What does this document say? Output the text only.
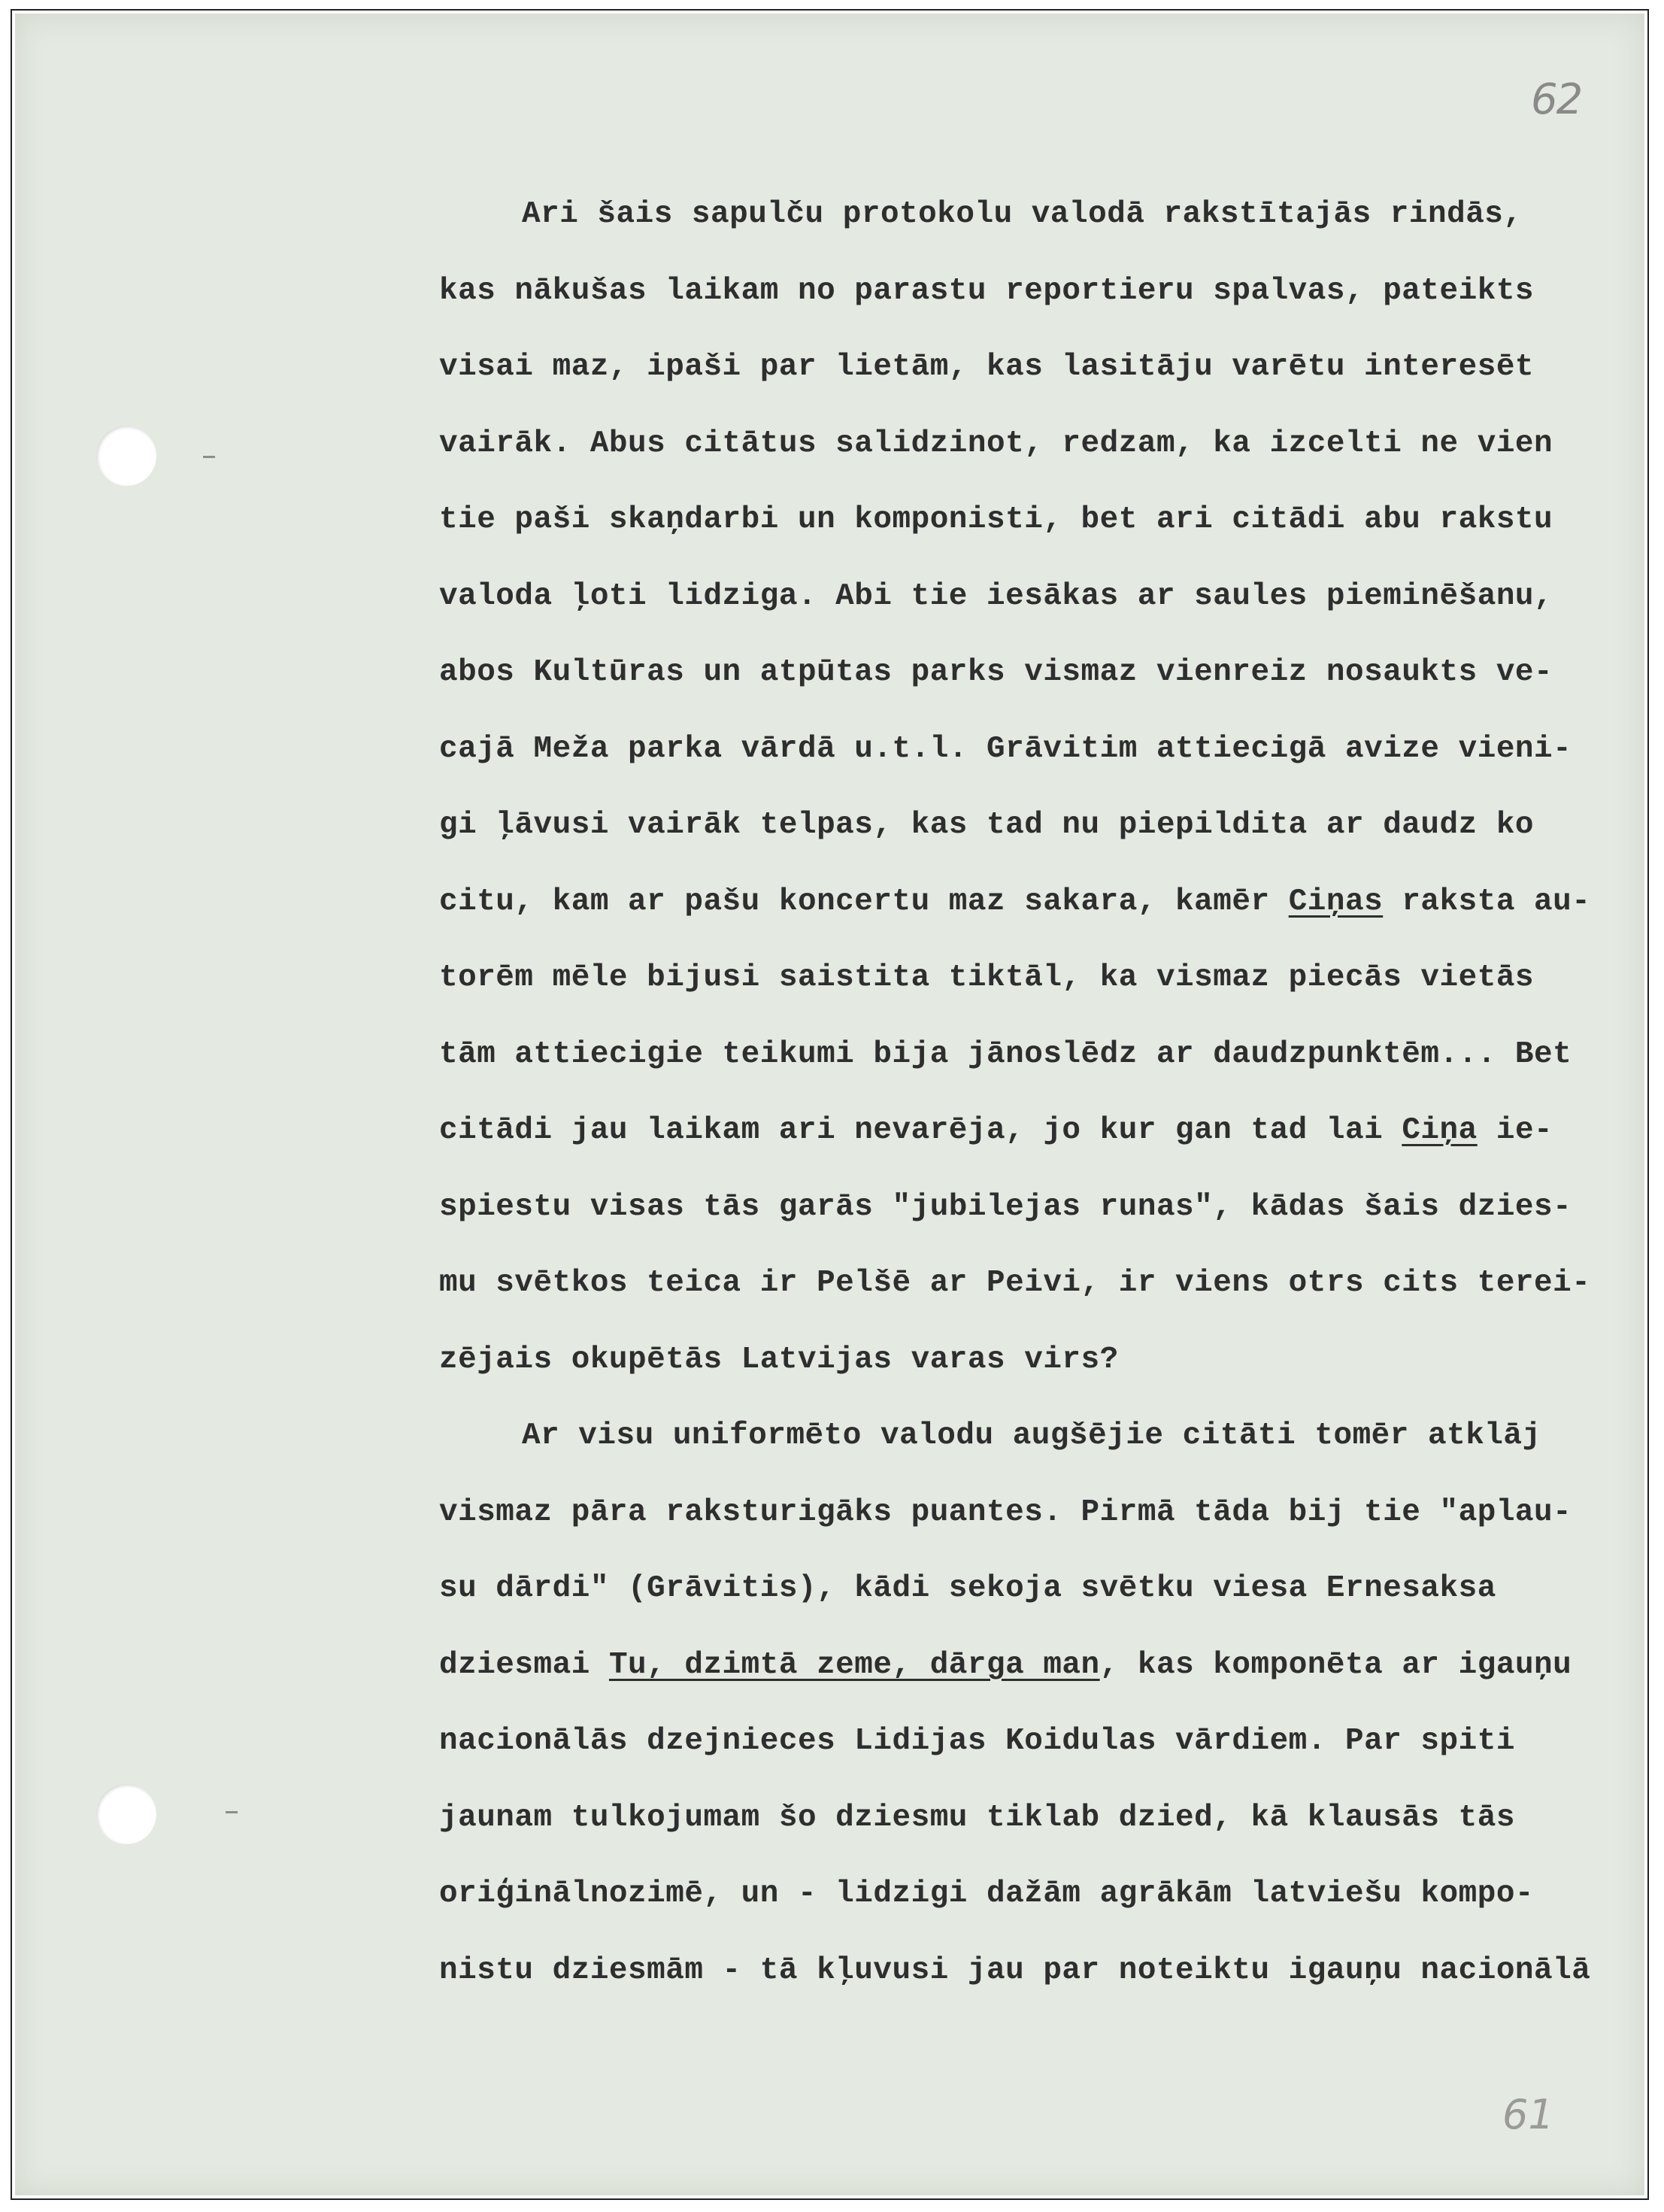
62
61
Ari šais sapulču protokolu valodā rakstītajās rindās,
kas nākušas laikam no parastu reportieru spalvas, pateikts
visai maz, ipaši par lietām, kas lasitāju varētu interesēt
vairāk. Abus citātus salidzinot, redzam, ka izcelti ne vien
tie paši skaņdarbi un komponisti, bet ari citādi abu rakstu
valoda ļoti lidziga. Abi tie iesākas ar saules pieminēšanu,
abos Kultūras un atpūtas parks vismaz vienreiz nosaukts ve-
cajā Meža parka vārdā u.t.l. Grāvitim attiecigā avize vieni-
gi ļāvusi vairāk telpas, kas tad nu piepildita ar daudz ko
citu, kam ar pašu koncertu maz sakara, kamēr Ciņas raksta au-
torēm mēle bijusi saistita tiktāl, ka vismaz piecās vietās
tām attiecigie teikumi bija jānoslēdz ar daudzpunktēm... Bet
citādi jau laikam ari nevarēja, jo kur gan tad lai Ciņa ie-
spiestu visas tās garās "jubilejas runas", kādas šais dzies-
mu svētkos teica ir Pelšē ar Peivi, ir viens otrs cits terei-
zējais okupētās Latvijas varas virs?
Ar visu uniformēto valodu augšējie citāti tomēr atklāj
vismaz pāra raksturigāks puantes. Pirmā tāda bij tie "aplau-
su dārdi" (Grāvitis), kādi sekoja svētku viesa Ernesaksa
dziesmai Tu, dzimtā zeme, dārga man, kas komponēta ar igauņu
nacionālās dzejnieces Lidijas Koidulas vārdiem. Par spiti
jaunam tulkojumam šo dziesmu tiklab dzied, kā klausās tās
oriģinālnozimē, un - lidzigi dažām agrākām latviešu kompo-
nistu dziesmām - tā kļuvusi jau par noteiktu igauņu nacionālā
